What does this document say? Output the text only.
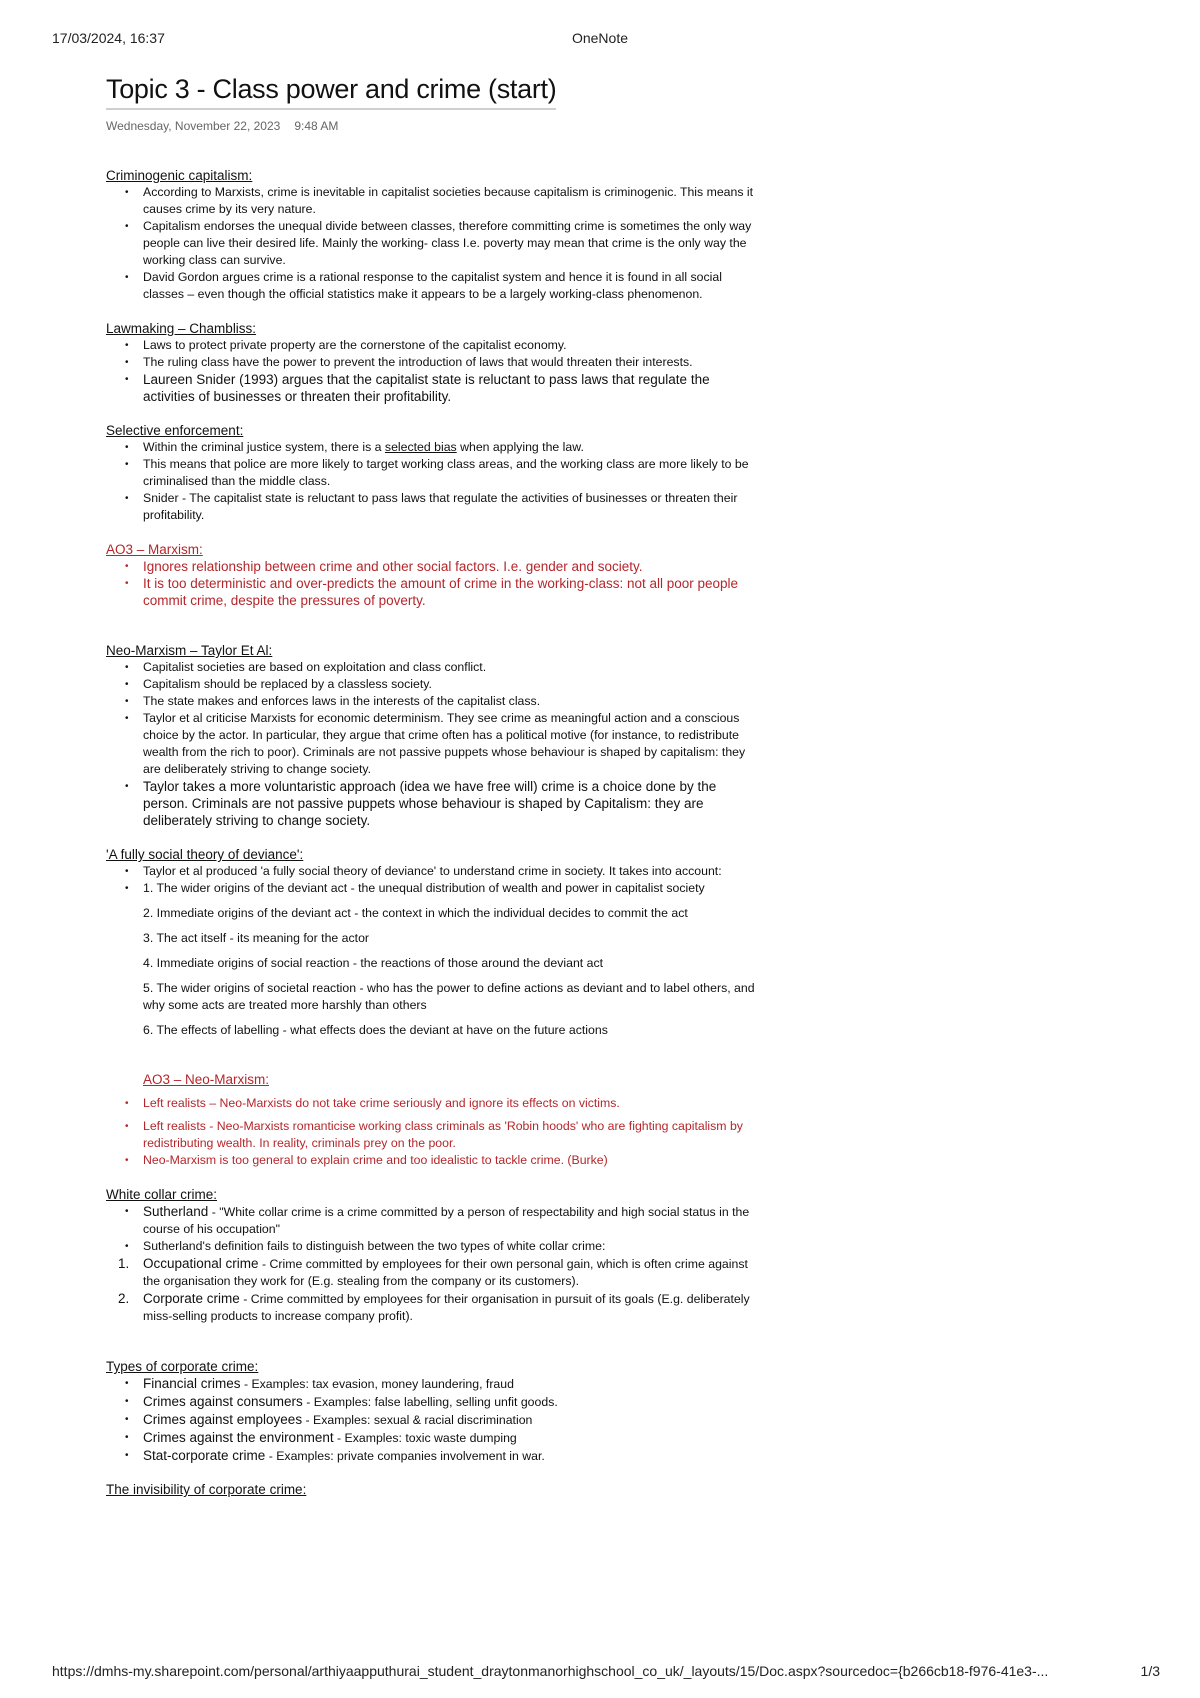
17/03/2024, 16:37	OneNote
Topic 3 - Class power and crime (start)
Wednesday, November 22, 2023 9:48 AM
Criminogenic capitalism:
• According to Marxists, crime is inevitable in capitalist societies because capitalism is criminogenic. This means it causes crime by its very nature.
• Capitalism endorses the unequal divide between classes, therefore committing crime is sometimes the only way people can live their desired life. Mainly the working- class I.e. poverty may mean that crime is the only way the working class can survive.
• David Gordon argues crime is a rational response to the capitalist system and hence it is found in all social classes – even though the official statistics make it appears to be a largely working-class phenomenon.
Lawmaking – Chambliss:
• Laws to protect private property are the cornerstone of the capitalist economy.
• The ruling class have the power to prevent the introduction of laws that would threaten their interests.
• Laureen Snider (1993) argues that the capitalist state is reluctant to pass laws that regulate the activities of businesses or threaten their profitability.
Selective enforcement:
• Within the criminal justice system, there is a selected bias when applying the law.
• This means that police are more likely to target working class areas, and the working class are more likely to be criminalised than the middle class.
• Snider - The capitalist state is reluctant to pass laws that regulate the activities of businesses or threaten their profitability.
AO3 – Marxism:
• Ignores relationship between crime and other social factors. I.e. gender and society.
• It is too deterministic and over-predicts the amount of crime in the working-class: not all poor people commit crime, despite the pressures of poverty.
Neo-Marxism – Taylor Et Al:
• Capitalist societies are based on exploitation and class conflict.
• Capitalism should be replaced by a classless society.
• The state makes and enforces laws in the interests of the capitalist class.
• Taylor et al criticise Marxists for economic determinism. They see crime as meaningful action and a conscious choice by the actor. In particular, they argue that crime often has a political motive (for instance, to redistribute wealth from the rich to poor). Criminals are not passive puppets whose behaviour is shaped by capitalism: they are deliberately striving to change society.
• Taylor takes a more voluntaristic approach (idea we have free will) crime is a choice done by the person. Criminals are not passive puppets whose behaviour is shaped by Capitalism: they are deliberately striving to change society.
'A fully social theory of deviance':
• Taylor et al produced 'a fully social theory of deviance' to understand crime in society. It takes into account:
• 1. The wider origins of the deviant act - the unequal distribution of wealth and power in capitalist society
2. Immediate origins of the deviant act - the context in which the individual decides to commit the act
3. The act itself - its meaning for the actor
4. Immediate origins of social reaction - the reactions of those around the deviant act
5. The wider origins of societal reaction - who has the power to define actions as deviant and to label others, and why some acts are treated more harshly than others
6. The effects of labelling - what effects does the deviant at have on the future actions
AO3 – Neo-Marxism:
• Left realists – Neo-Marxists do not take crime seriously and ignore its effects on victims.
• Left realists - Neo-Marxists romanticise working class criminals as 'Robin hoods' who are fighting capitalism by redistributing wealth. In reality, criminals prey on the poor.
• Neo-Marxism is too general to explain crime and too idealistic to tackle crime. (Burke)
White collar crime:
• Sutherland - "White collar crime is a crime committed by a person of respectability and high social status in the course of his occupation"
• Sutherland's definition fails to distinguish between the two types of white collar crime:
1. Occupational crime - Crime committed by employees for their own personal gain, which is often crime against the organisation they work for (E.g. stealing from the company or its customers).
2. Corporate crime - Crime committed by employees for their organisation in pursuit of its goals (E.g. deliberately miss-selling products to increase company profit).
Types of corporate crime:
• Financial crimes - Examples: tax evasion, money laundering, fraud
• Crimes against consumers - Examples: false labelling, selling unfit goods.
• Crimes against employees - Examples: sexual & racial discrimination
• Crimes against the environment - Examples: toxic waste dumping
• Stat-corporate crime - Examples: private companies involvement in war.
The invisibility of corporate crime:
https://dmhs-my.sharepoint.com/personal/arthiyaapputhurai_student_draytonmanorhighschool_co_uk/_layouts/15/Doc.aspx?sourcedoc={b266cb18-f976-41e3-...	1/3
